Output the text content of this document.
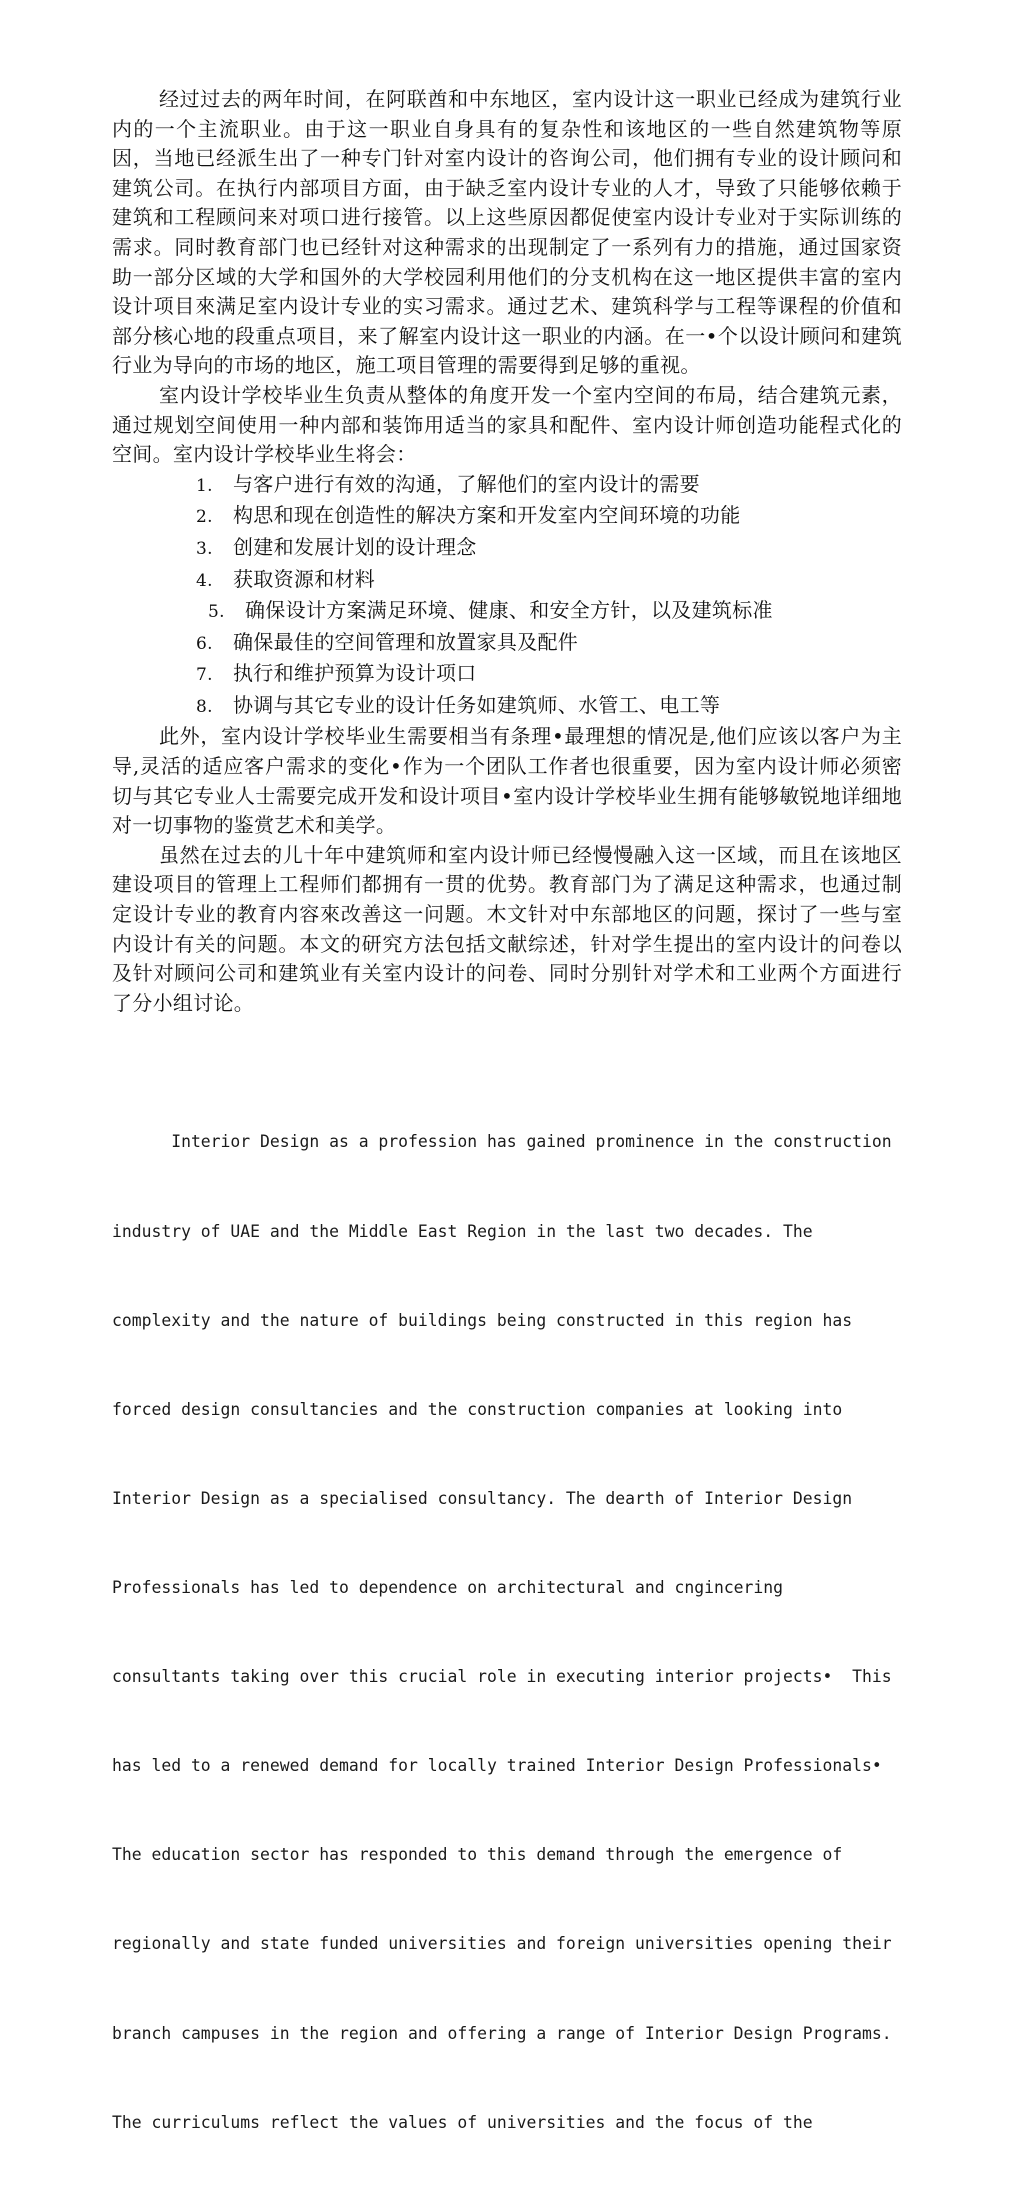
经过过去的两年时间，在阿联酋和中东地区，室内设计这一职业已经成为建筑行业内的一个主流职业。由于这一职业自身具有的复杂性和该地区的一些自然建筑物等原因，当地已经派生出了一种专门针对室内设计的咨询公司，他们拥有专业的设计顾问和建筑公司。在执行内部项目方面，由于缺乏室内设计专业的人才，导致了只能够依赖于建筑和工程顾问来对项口进行接管。以上这些原因都促使室内设计专业对于实际训练的需求。同时教育部门也已经针对这种需求的出现制定了一系列有力的措施，通过国家资助一部分区域的大学和国外的大学校园利用他们的分支机构在这一地区提供丰富的室内设计项目來满足室内设计专业的实习需求。通过艺术、建筑科学与工程等课程的价值和部分核心地的段重点项目，来了解室内设计这一职业的内涵。在一•个以设计顾问和建筑行业为导向的市场的地区，施工项目管理的需要得到足够的重视。

室内设计学校毕业生负责从整体的角度开发一个室内空间的布局，结合建筑元素，通过规划空间使用一种内部和装饰用适当的家具和配件、室内设计师创造功能程式化的空间。室内设计学校毕业生将会：

1. 与客户进行有效的沟通，了解他们的室内设计的需要
2. 构思和现在创造性的解决方案和开发室内空间环境的功能
3. 创建和发展计划的设计理念
4. 获取资源和材料
5. 确保设计方案满足环境、健康、和安全方针，以及建筑标准
6. 确保最佳的空间管理和放置家具及配件
7. 执行和维护预算为设计项口
8. 协调与其它专业的设计任务如建筑师、水管工、电工等

此外，室内设计学校毕业生需要相当有条理•最理想的情况是,他们应该以客户为主导,灵活的适应客户需求的变化•作为一个团队工作者也很重要，因为室内设计师必须密切与其它专业人士需要完成开发和设计项目•室内设计学校毕业生拥有能够敏锐地详细地对一切事物的鉴赏艺术和美学。

虽然在过去的儿十年中建筑师和室内设计师已经慢慢融入这一区域，而且在该地区建设项目的管理上工程师们都拥有一贯的优势。教育部门为了满足这种需求，也通过制定设计专业的教育内容來改善这一问题。木文针对中东部地区的问题，探讨了一些与室内设计有关的问题。本文的研究方法包括文献综述，针对学生提出的室内设计的问卷以及针对顾问公司和建筑业有关室内设计的问卷、同时分别针对学术和工业两个方面进行了分小组讨论。

Interior Design as a profession has gained prominence in the construction

industry of UAE and the Middle East Region in the last two decades. The

complexity and the nature of buildings being constructed in this region has

forced design consultancies and the construction companies at looking into

Interior Design as a specialised consultancy. The dearth of Interior Design

Professionals has led to dependence on architectural and cngincering

consultants taking over this crucial role in executing interior projects•  This

has led to a renewed demand for locally trained Interior Design Professionals•

The education sector has responded to this demand through the emergence of

regionally and state funded universities and foreign universities opening their

branch campuses in the region and offering a range of Interior Design Programs.

The curriculums reflect the values of universities and the focus of the
